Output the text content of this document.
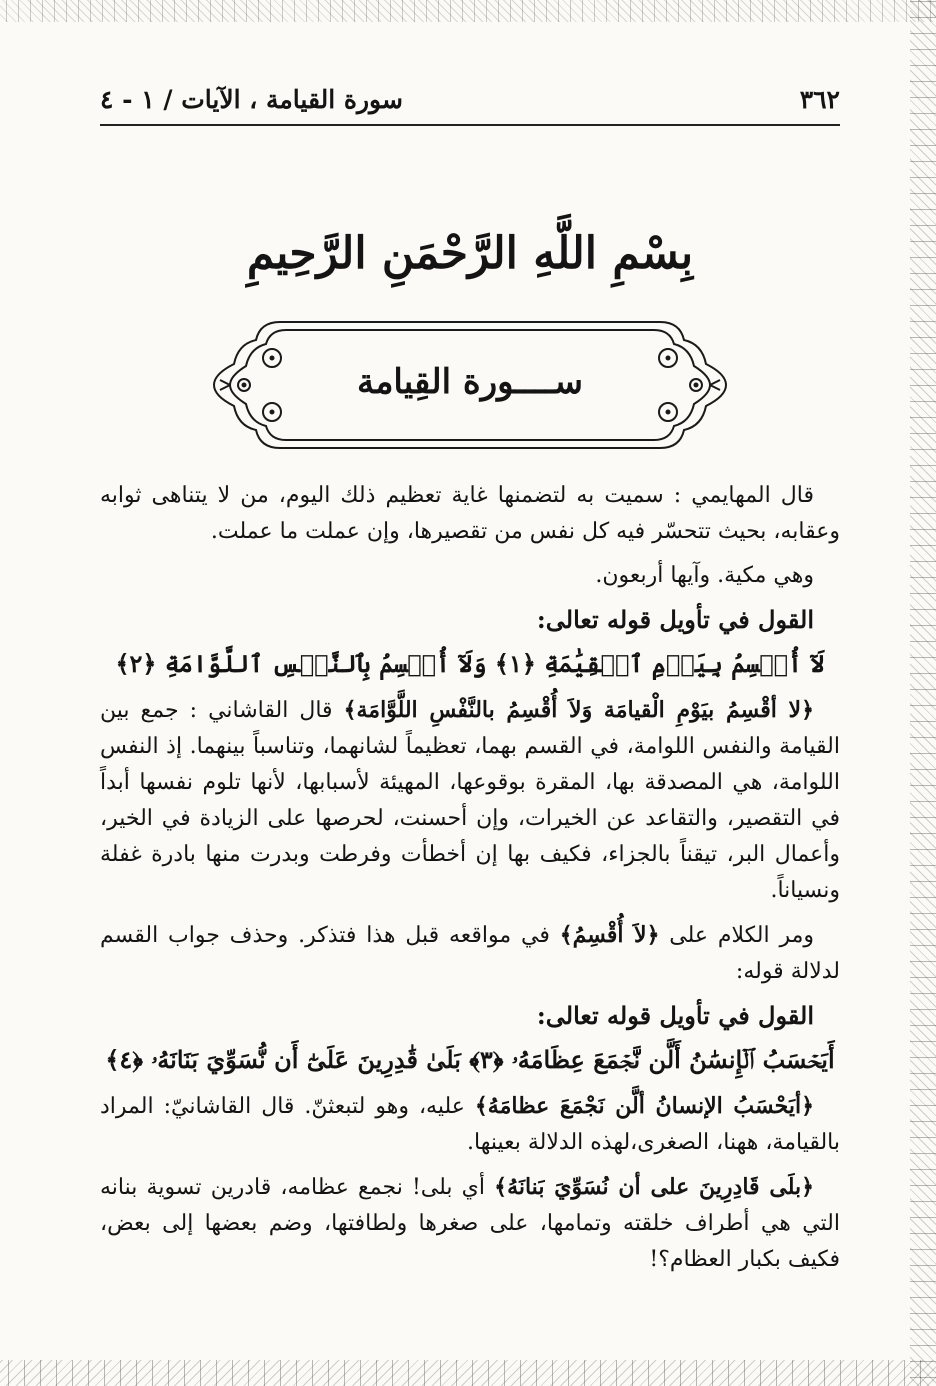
٣٦٢
سورة القيامة ، الآيات / ١ - ٤
بِسْمِ اللَّهِ الرَّحْمَنِ الرَّحِيمِ
ســــورة القِيامة

قال المهايمي : سميت به لتضمنها غاية تعظيم ذلك اليوم، من لا يتناهى ثوابه وعقابه، بحيث تتحسّر فيه كل نفس من تقصيرها، وإن عملت ما عملت.

وهي مكية. وآيها أربعون.

القول في تأويل قوله تعالى:

لَآ أُقۡسِمُ بِيَوۡمِ ٱلۡقِيَٰمَةِ ﴿١﴾ وَلَآ أُقۡسِمُ بِٱلنَّفۡسِ ٱللَّوَّامَةِ ﴿٢﴾

﴿لا أقْسِمُ بيَوْمِ الْقيامَة وَلاَ أُقْسِمُ بالنَّفْسِ اللَّوَّامَة﴾ قال القاشاني : جمع بين القيامة والنفس اللوامة، في القسم بهما، تعظيماً لشانهما، وتناسباً بينهما. إذ النفس اللوامة، هي المصدقة بها، المقرة بوقوعها، المهيئة لأسبابها، لأنها تلوم نفسها أبداً في التقصير، والتقاعد عن الخيرات، وإن أحسنت، لحرصها على الزيادة في الخير، وأعمال البر، تيقناً بالجزاء، فكيف بها إن أخطأت وفرطت وبدرت منها بادرة غفلة ونسياناً.

ومر الكلام على ﴿لاَ أُقْسِمُ﴾ في مواقعه قبل هذا فتذكر. وحذف جواب القسم لدلالة قوله:

القول في تأويل قوله تعالى:

أَيَحۡسَبُ ٱلۡإِنسَٰنُ أَلَّن نَّجۡمَعَ عِظَامَهُۥ ﴿٣﴾ بَلَىٰ قَٰدِرِينَ عَلَىٰٓ أَن نُّسَوِّيَ بَنَانَهُۥ ﴿٤﴾

﴿أيَحْسَبُ الإنسانُ ألَّن نَجْمَعَ عظامَهُ﴾ عليه، وهو لتبعثنّ. قال القاشانيّ: المراد بالقيامة، ههنا، الصغرى،لهذه الدلالة بعينها.

﴿بلَى قَادِرِينَ على أن نُسَوِّيَ بَنانَهُ﴾ أي بلى! نجمع عظامه، قادرين تسوية بنانه التي هي أطراف خلقته وتمامها، على صغرها ولطافتها، وضم بعضها إلى بعض، فكيف بكبار العظام؟!
